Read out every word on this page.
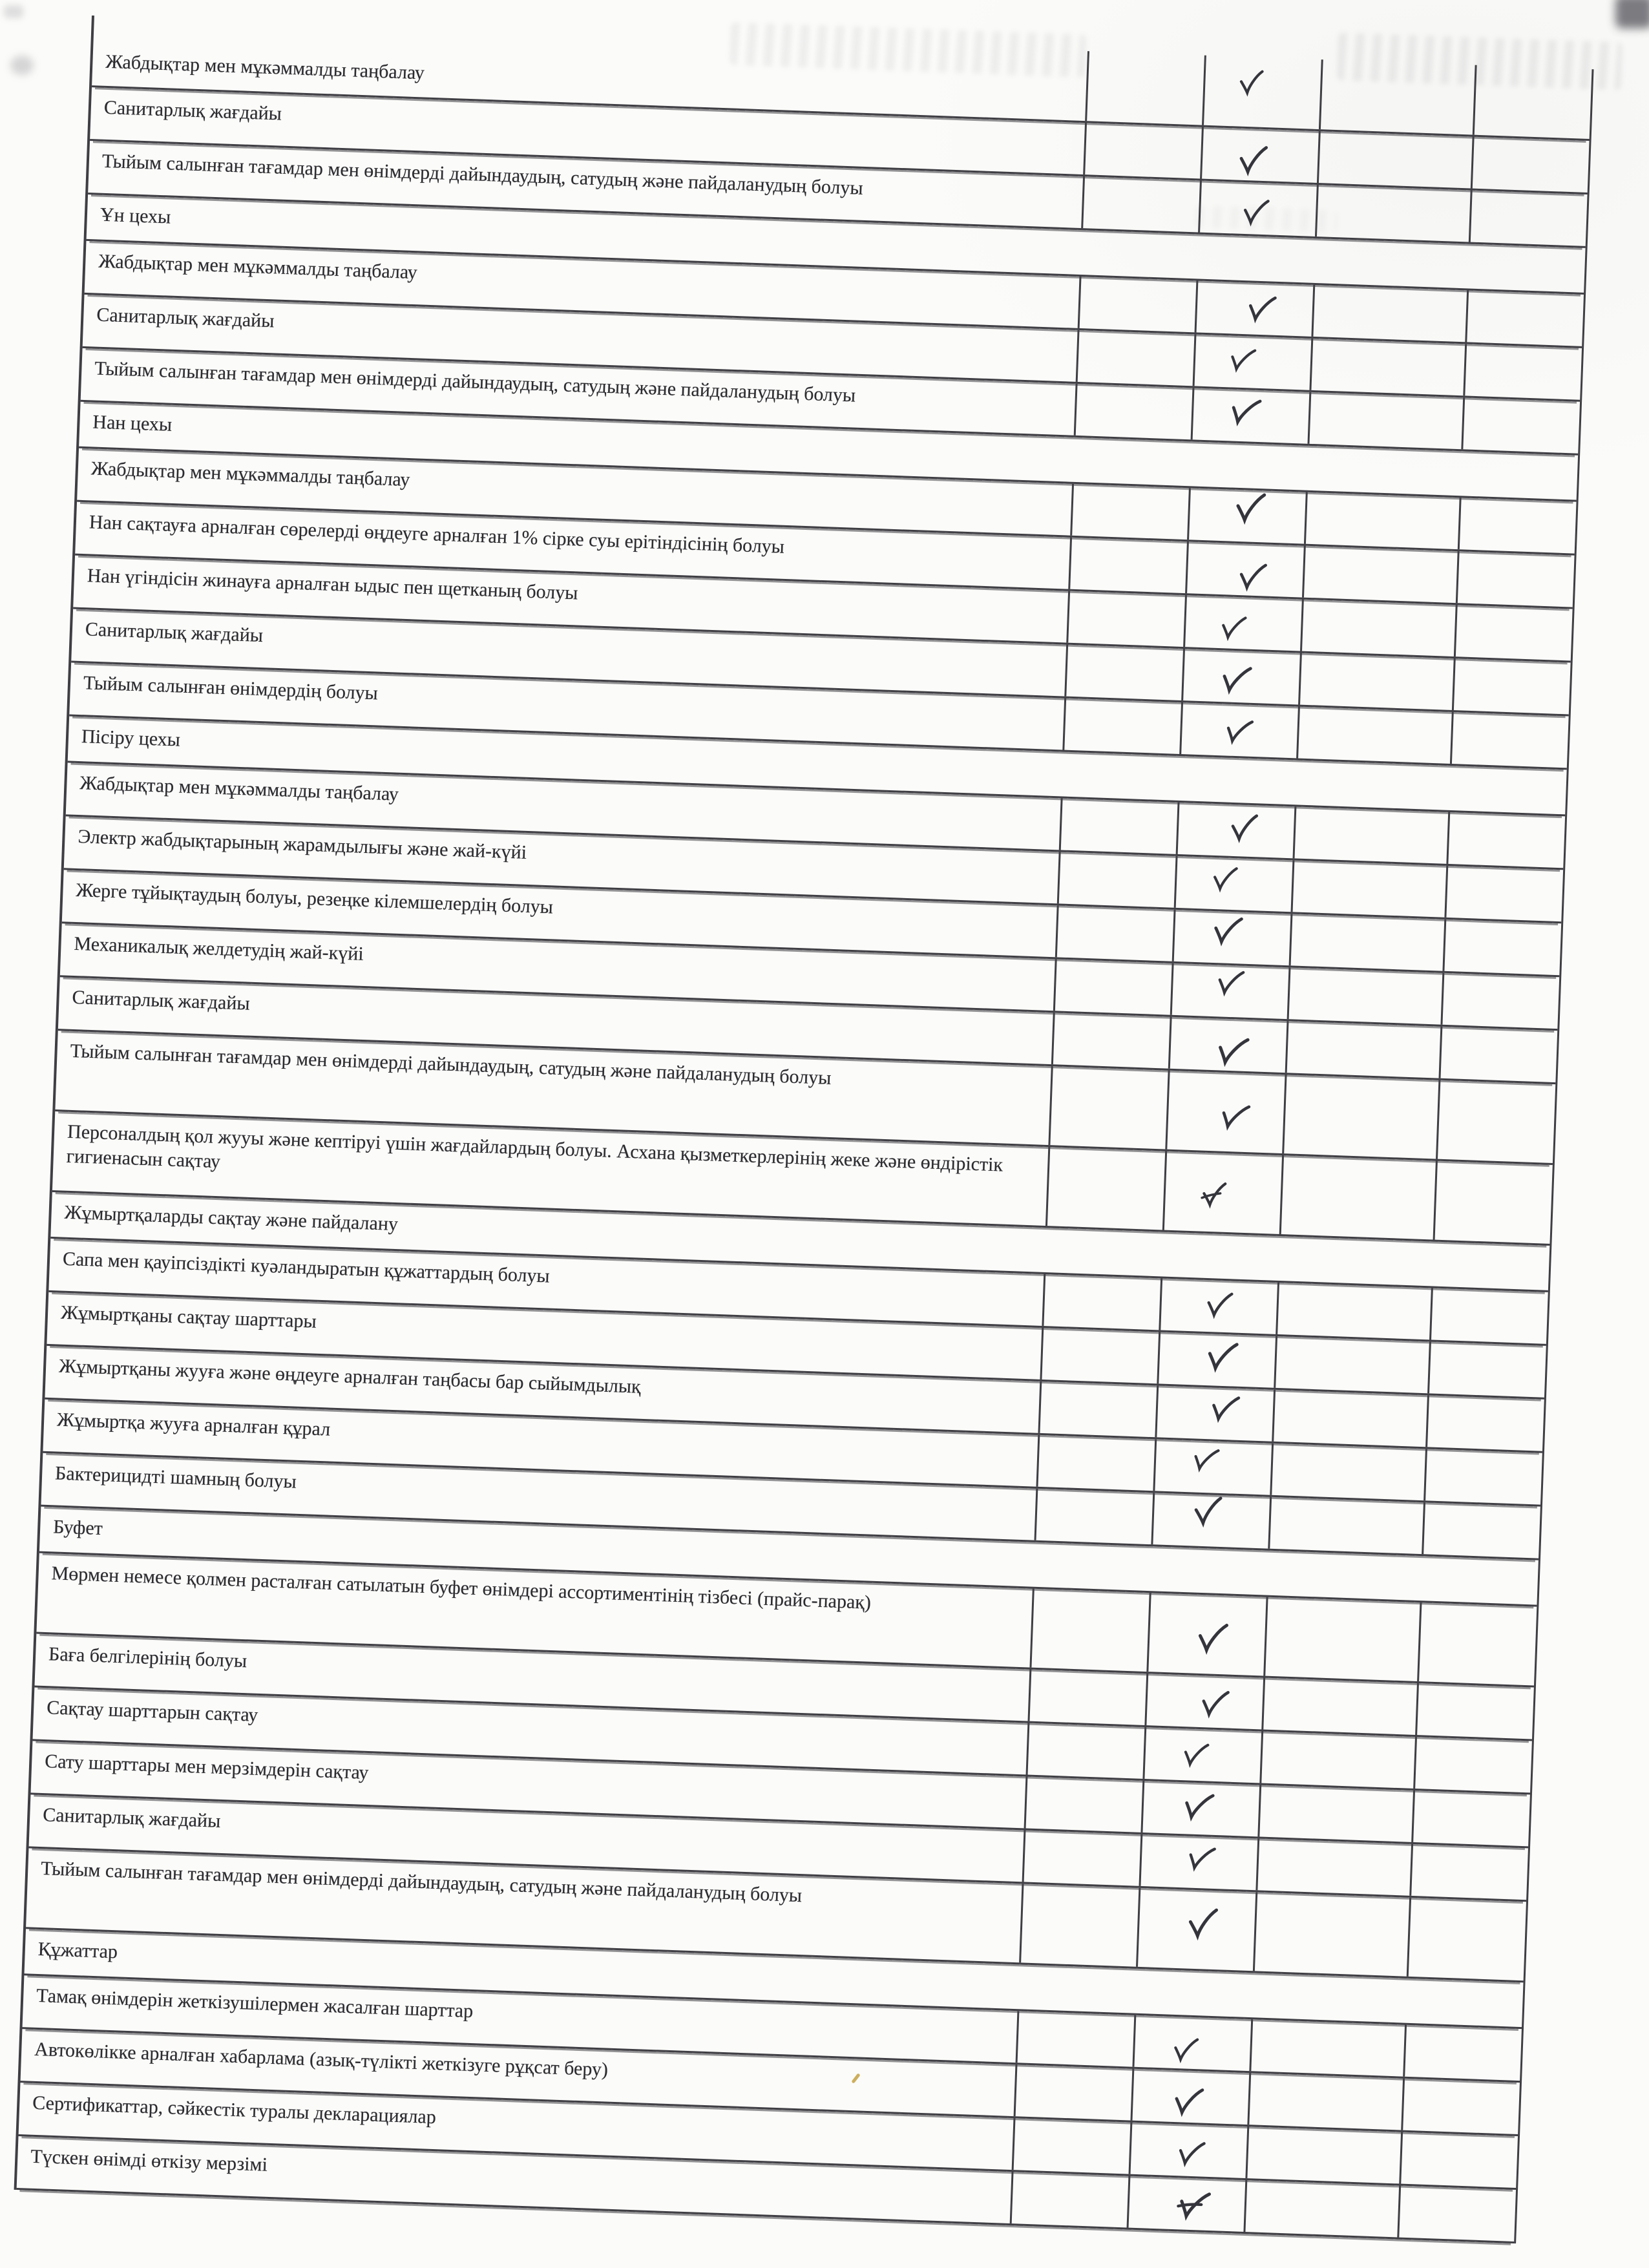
Жабдықтар мен мұкәммалды таңбалау
Санитарлық жағдайы
Тыйым салынған тағамдар мен өнімдерді дайындаудың, сатудың және пайдаланудың болуы
Ұн цехы
Жабдықтар мен мұкәммалды таңбалау
Санитарлық жағдайы
Тыйым салынған тағамдар мен өнімдерді дайындаудың, сатудың және пайдаланудың болуы
Нан цехы
Жабдықтар мен мұкәммалды таңбалау
Нан сақтауға арналған сөрелерді өңдеуге арналған 1% сірке суы ерітіндісінің болуы
Нан үгіндісін жинауға арналған ыдыс пен щетканың болуы
Санитарлық жағдайы
Тыйым салынған өнімдердің болуы
Пісіру цехы
Жабдықтар мен мұкәммалды таңбалау
Электр жабдықтарының жарамдылығы және жай-күйі
Жерге тұйықтаудың болуы, резеңке кілемшелердің болуы
Механикалық желдетудің жай-күйі
Санитарлық жағдайы
Тыйым салынған тағамдар мен өнімдерді дайындаудың, сатудың және пайдаланудың болуы
Персоналдың қол жууы және кептіруі үшін жағдайлардың болуы. Асхана қызметкерлерінің жеке және өндірістік гигиенасын сақтау
Жұмыртқаларды сақтау және пайдалану
Сапа мен қауіпсіздікті куәландыратын құжаттардың болуы
Жұмыртқаны сақтау шарттары
Жұмыртқаны жууға және өңдеуге арналған таңбасы бар сыйымдылық
Жұмыртқа жууға арналған құрал
Бактерицидті шамның болуы
Буфет
Мөрмен немесе қолмен расталған сатылатын буфет өнімдері ассортиментінің тізбесі (прайс-парақ)
Баға белгілерінің болуы
Сақтау шарттарын сақтау
Сату шарттары мен мерзімдерін сақтау
Санитарлық жағдайы
Тыйым салынған тағамдар мен өнімдерді дайындаудың, сатудың және пайдаланудың болуы
Құжаттар
Тамақ өнімдерін жеткізушілермен жасалған шарттар
Автокөлікке арналған хабарлама (азық-түлікті жеткізуге рұқсат беру)
Сертификаттар, сәйкестік туралы декларациялар
Түскен өнімді өткізу мерзімі
